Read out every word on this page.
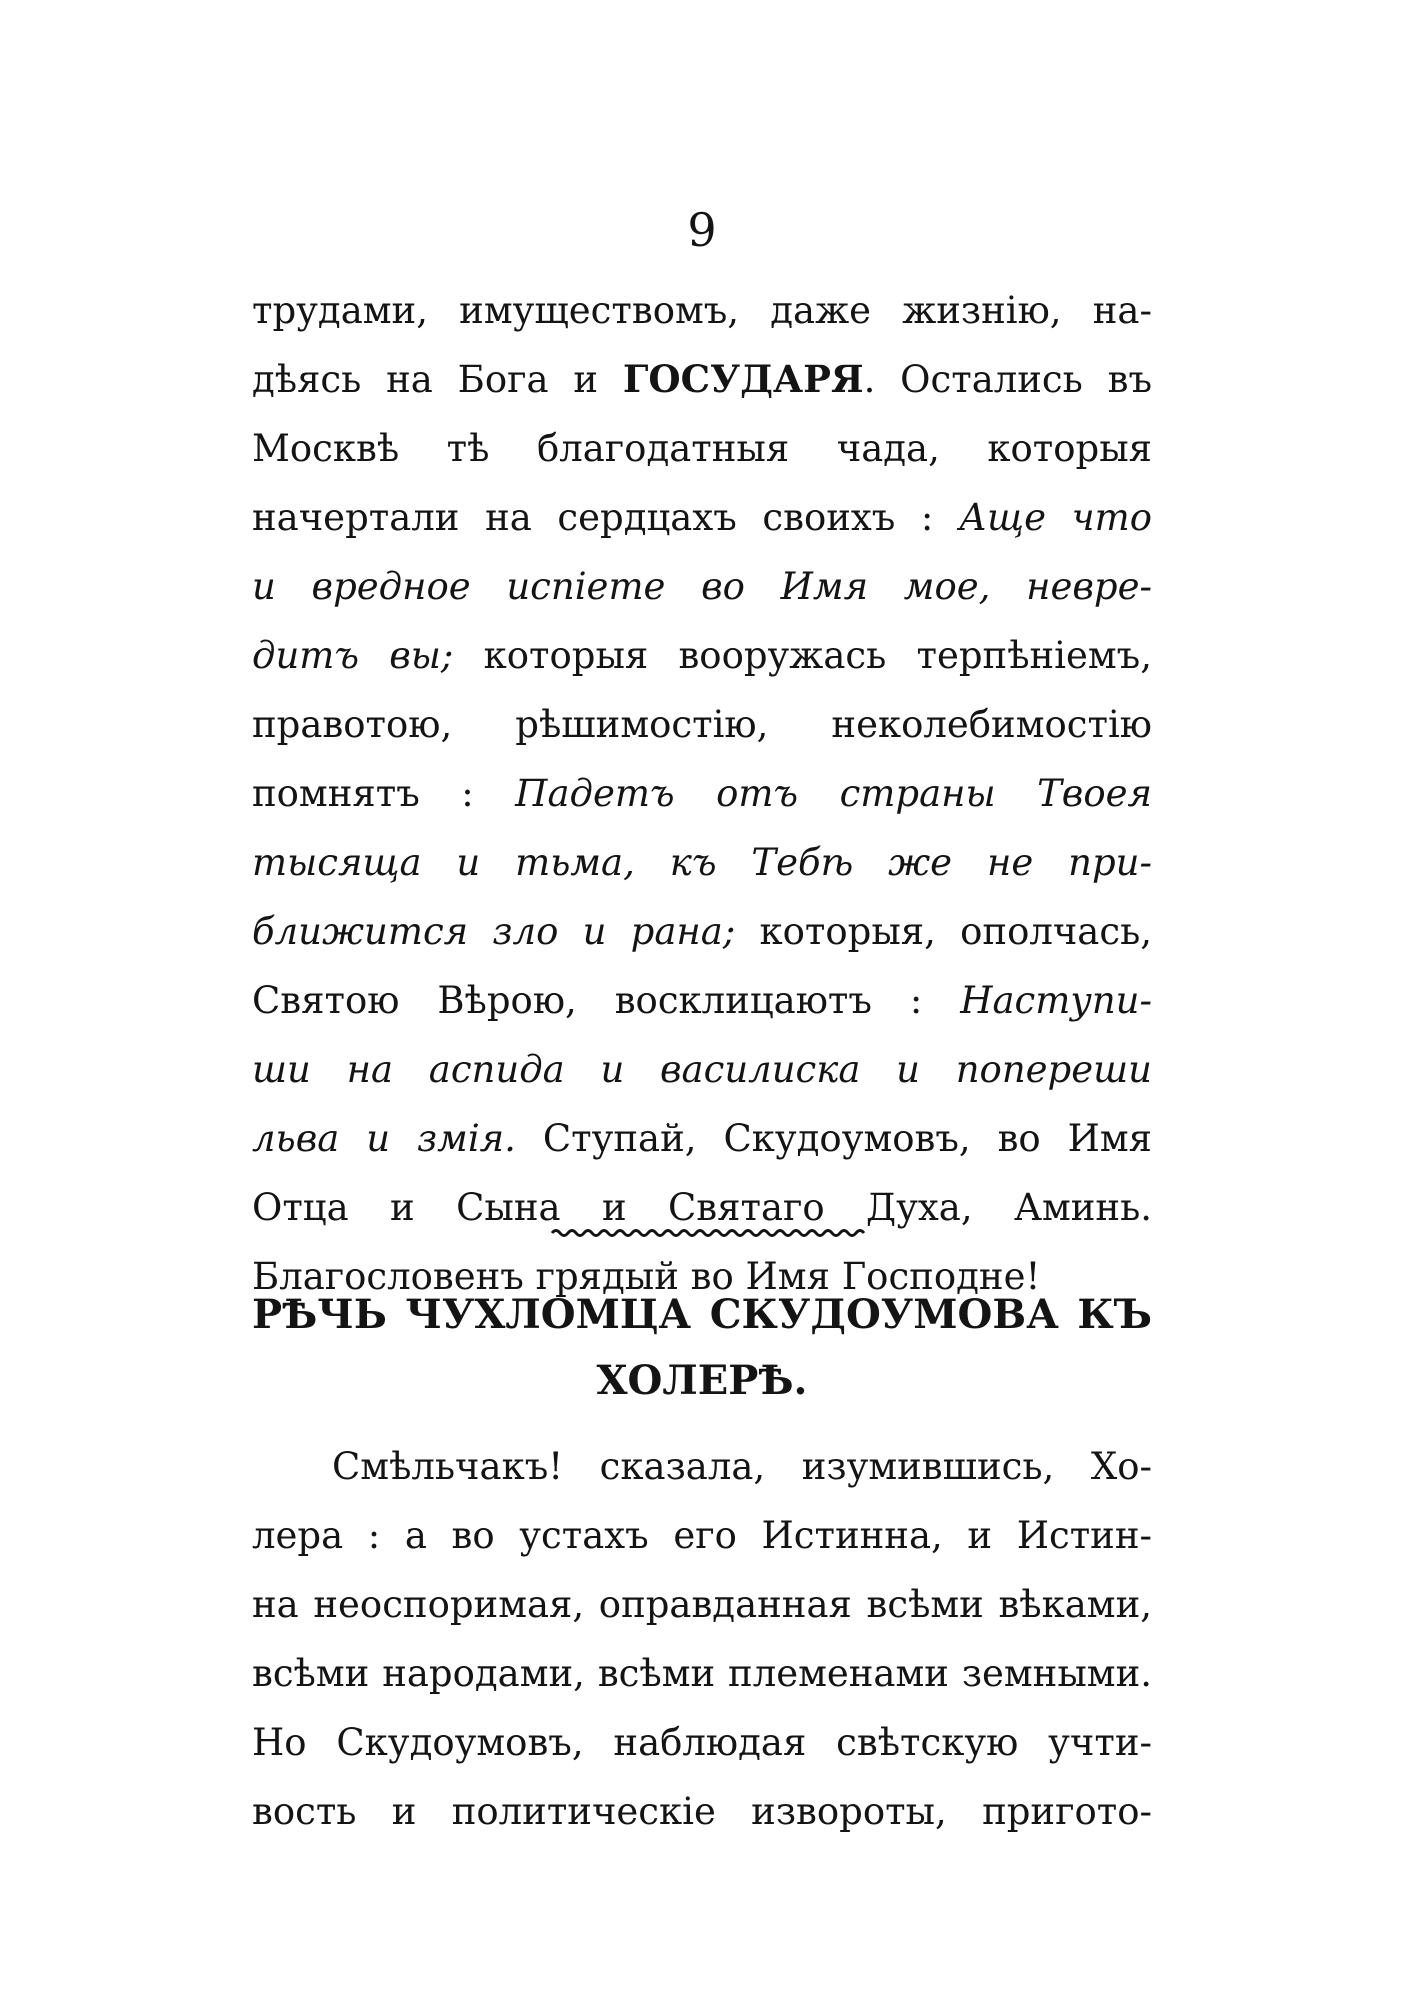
9
трудами, имуществомъ, даже жизнiю, на-
дѣясь на Бога и ГОСУДАРЯ. Остались въ
Москвѣ тѣ благодатныя чада, которыя
начертали на сердцахъ своихъ : Аще что
и вредное испiете во Имя мое, невре-
дитъ вы; которыя вооружась терпѣнiемъ,
правотою, рѣшимостiю, неколебимостiю
помнятъ : Падетъ отъ страны Твоея
тысяща и тьма, къ Тебѣ же не при-
ближится зло и рана; которыя, ополчась,
Святою Вѣрою, восклицаютъ : Наступи-
ши на аспида и василиска и попереши
льва и змiя. Ступай, Скудоумовъ, во Имя
Отца и Сына и Святаго Духа, Аминь.
Благословенъ грядый во Имя Господне!
РѢЧЬ ЧУХЛОМЦА СКУДОУМОВА КЪ
ХОЛЕРѢ.
Смѣльчакъ! сказала, изумившись, Хо-
лера : а во устахъ его Истинна, и Истин-
на неоспоримая, оправданная всѣми вѣками,
всѣми народами, всѣми племенами земными.
Но Скудоумовъ, наблюдая свѣтскую учти-
вость и политическiе извороты, пригото-
